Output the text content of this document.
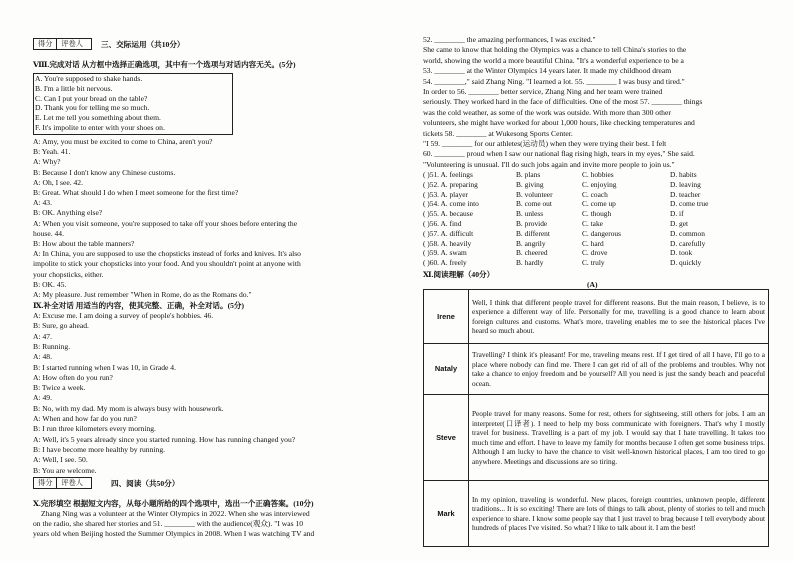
得分	评卷人	三、交际运用（共10分）
Ⅷ.完成对话 从方框中选择正确选项，其中有一个选项与对话内容无关。(5分)
A. You're supposed to shake hands.
B. I'm a little bit nervous.
C. Can I put your bread on the table?
D. Thank you for telling me so much.
E. Let me tell you something about them.
F. It's impolite to enter with your shoes on.
A: Amy, you must be excited to come to China, aren't you?
B: Yeah. 41.
A: Why?
B: Because I don't know any Chinese customs.
A: Oh, I see. 42.
B: Great. What should I do when I meet someone for the first time?
A: 43.
B: OK. Anything else?
A: When you visit someone, you're supposed to take off your shoes before entering the
house. 44.
B: How about the table manners?
A: In China, you are supposed to use the chopsticks instead of forks and knives. It's also
impolite to stick your chopsticks into your food. And you shouldn't point at anyone with
your chopsticks, either.
B: OK. 45.
A: My pleasure. Just remember "When in Rome, do as the Romans do."
Ⅸ.补全对话 用适当的内容，使其完整、正确，补全对话。(5分)
A: Excuse me. I am doing a survey of people's hobbies. 46.
B: Sure, go ahead.
A: 47.
B: Running.
A: 48.
B: I started running when I was 10, in Grade 4.
A: How often do you run?
B: Twice a week.
A: 49.
B: No, with my dad. My mom is always busy with housework.
A: When and how far do you run?
B: I run three kilometers every morning.
A: Well, it's 5 years already since you started running. How has running changed you?
B: I have become more healthy by running.
A: Well, I see. 50.
B: You are welcome.
得分	评卷人	四、阅读（共50分）
Ⅹ.完形填空 根据短文内容，从每小题所给的四个选项中，选出一个正确答案。(10分)
Zhang Ning was a volunteer at the Winter Olympics in 2022. When she was interviewed
on the radio, she shared her stories and 51. ________ with the audience(观众). "I was 10
years old when Beijing hosted the Summer Olympics in 2008. When I was watching TV and
52. ________ the amazing performances, I was excited."
She came to know that holding the Olympics was a chance to tell China's stories to the
world, showing the world a more beautiful China. "It's a wonderful experience to be a
53. ________ at the Winter Olympics 14 years later. It made my childhood dream
54. ________," said Zhang Ning. "I learned a lot. 55. ________ I was busy and tired."
In order to 56. ________ better service, Zhang Ning and her team were trained
seriously. They worked hard in the face of difficulties. One of the most 57. ________ things
was the cold weather, as some of the work was outside. With more than 300 other
volunteers, she might have worked for about 1,000 hours, like checking temperatures and
tickets 58. ________ at Wukesong Sports Center.
"I 59. ________ for our athletes(运动员) when they were trying their best. I felt
60. ________ proud when I saw our national flag rising high, tears in my eyes," She said.
"Volunteering is unusual. I'll do such jobs again and invite more people to join us."
( )51. A. feelings	B. plans	C. hobbies	D. habits
( )52. A. preparing	B. giving	C. enjoying	D. leaving
( )53. A. player	B. volunteer	C. coach	D. teacher
( )54. A. come into	B. come out	C. come up	D. come true
( )55. A. because	B. unless	C. though	D. if
( )56. A. find	B. provide	C. take	D. get
( )57. A. difficult	B. different	C. dangerous	D. common
( )58. A. heavily	B. angrily	C. hard	D. carefully
( )59. A. swam	B. cheered	C. drove	D. took
( )60. A. freely	B. hardly	C. truly	D. quickly
Ⅺ.阅读理解（40分）
(A)
Irene	Well, I think that different people travel for different reasons. But the main reason, I believe, is to experience a different way of life. Personally for me, travelling is a good chance to learn about foreign cultures and customs. What's more, traveling enables me to see the historical places I've heard so much about.
Nataly	Travelling? I think it's pleasant! For me, traveling means rest. If I get tired of all I have, I'll go to a place where nobody can find me. There I can get rid of all of the problems and troubles. Why not take a chance to enjoy freedom and be yourself? All you need is just the sandy beach and peaceful ocean.
Steve	People travel for many reasons. Some for rest, others for sightseeing, still others for jobs. I am an interpreter(口译者). I need to help my boss communicate with foreigners. That's why I mostly travel for business. Travelling is a part of my job. I would say that I hate travelling. It takes too much time and effort. I have to leave my family for months because I often get some business trips. Although I am lucky to have the chance to visit well-known historical places, I am too tired to go anywhere. Meetings and discussions are so tiring.
Mark	In my opinion, traveling is wonderful. New places, foreign countries, unknown people, different traditions... It is so exciting! There are lots of things to talk about, plenty of stories to tell and much experience to share. I know some people say that I just travel to brag because I tell everybody about hundreds of places I've visited. So what? I like to talk about it. I am the best!
